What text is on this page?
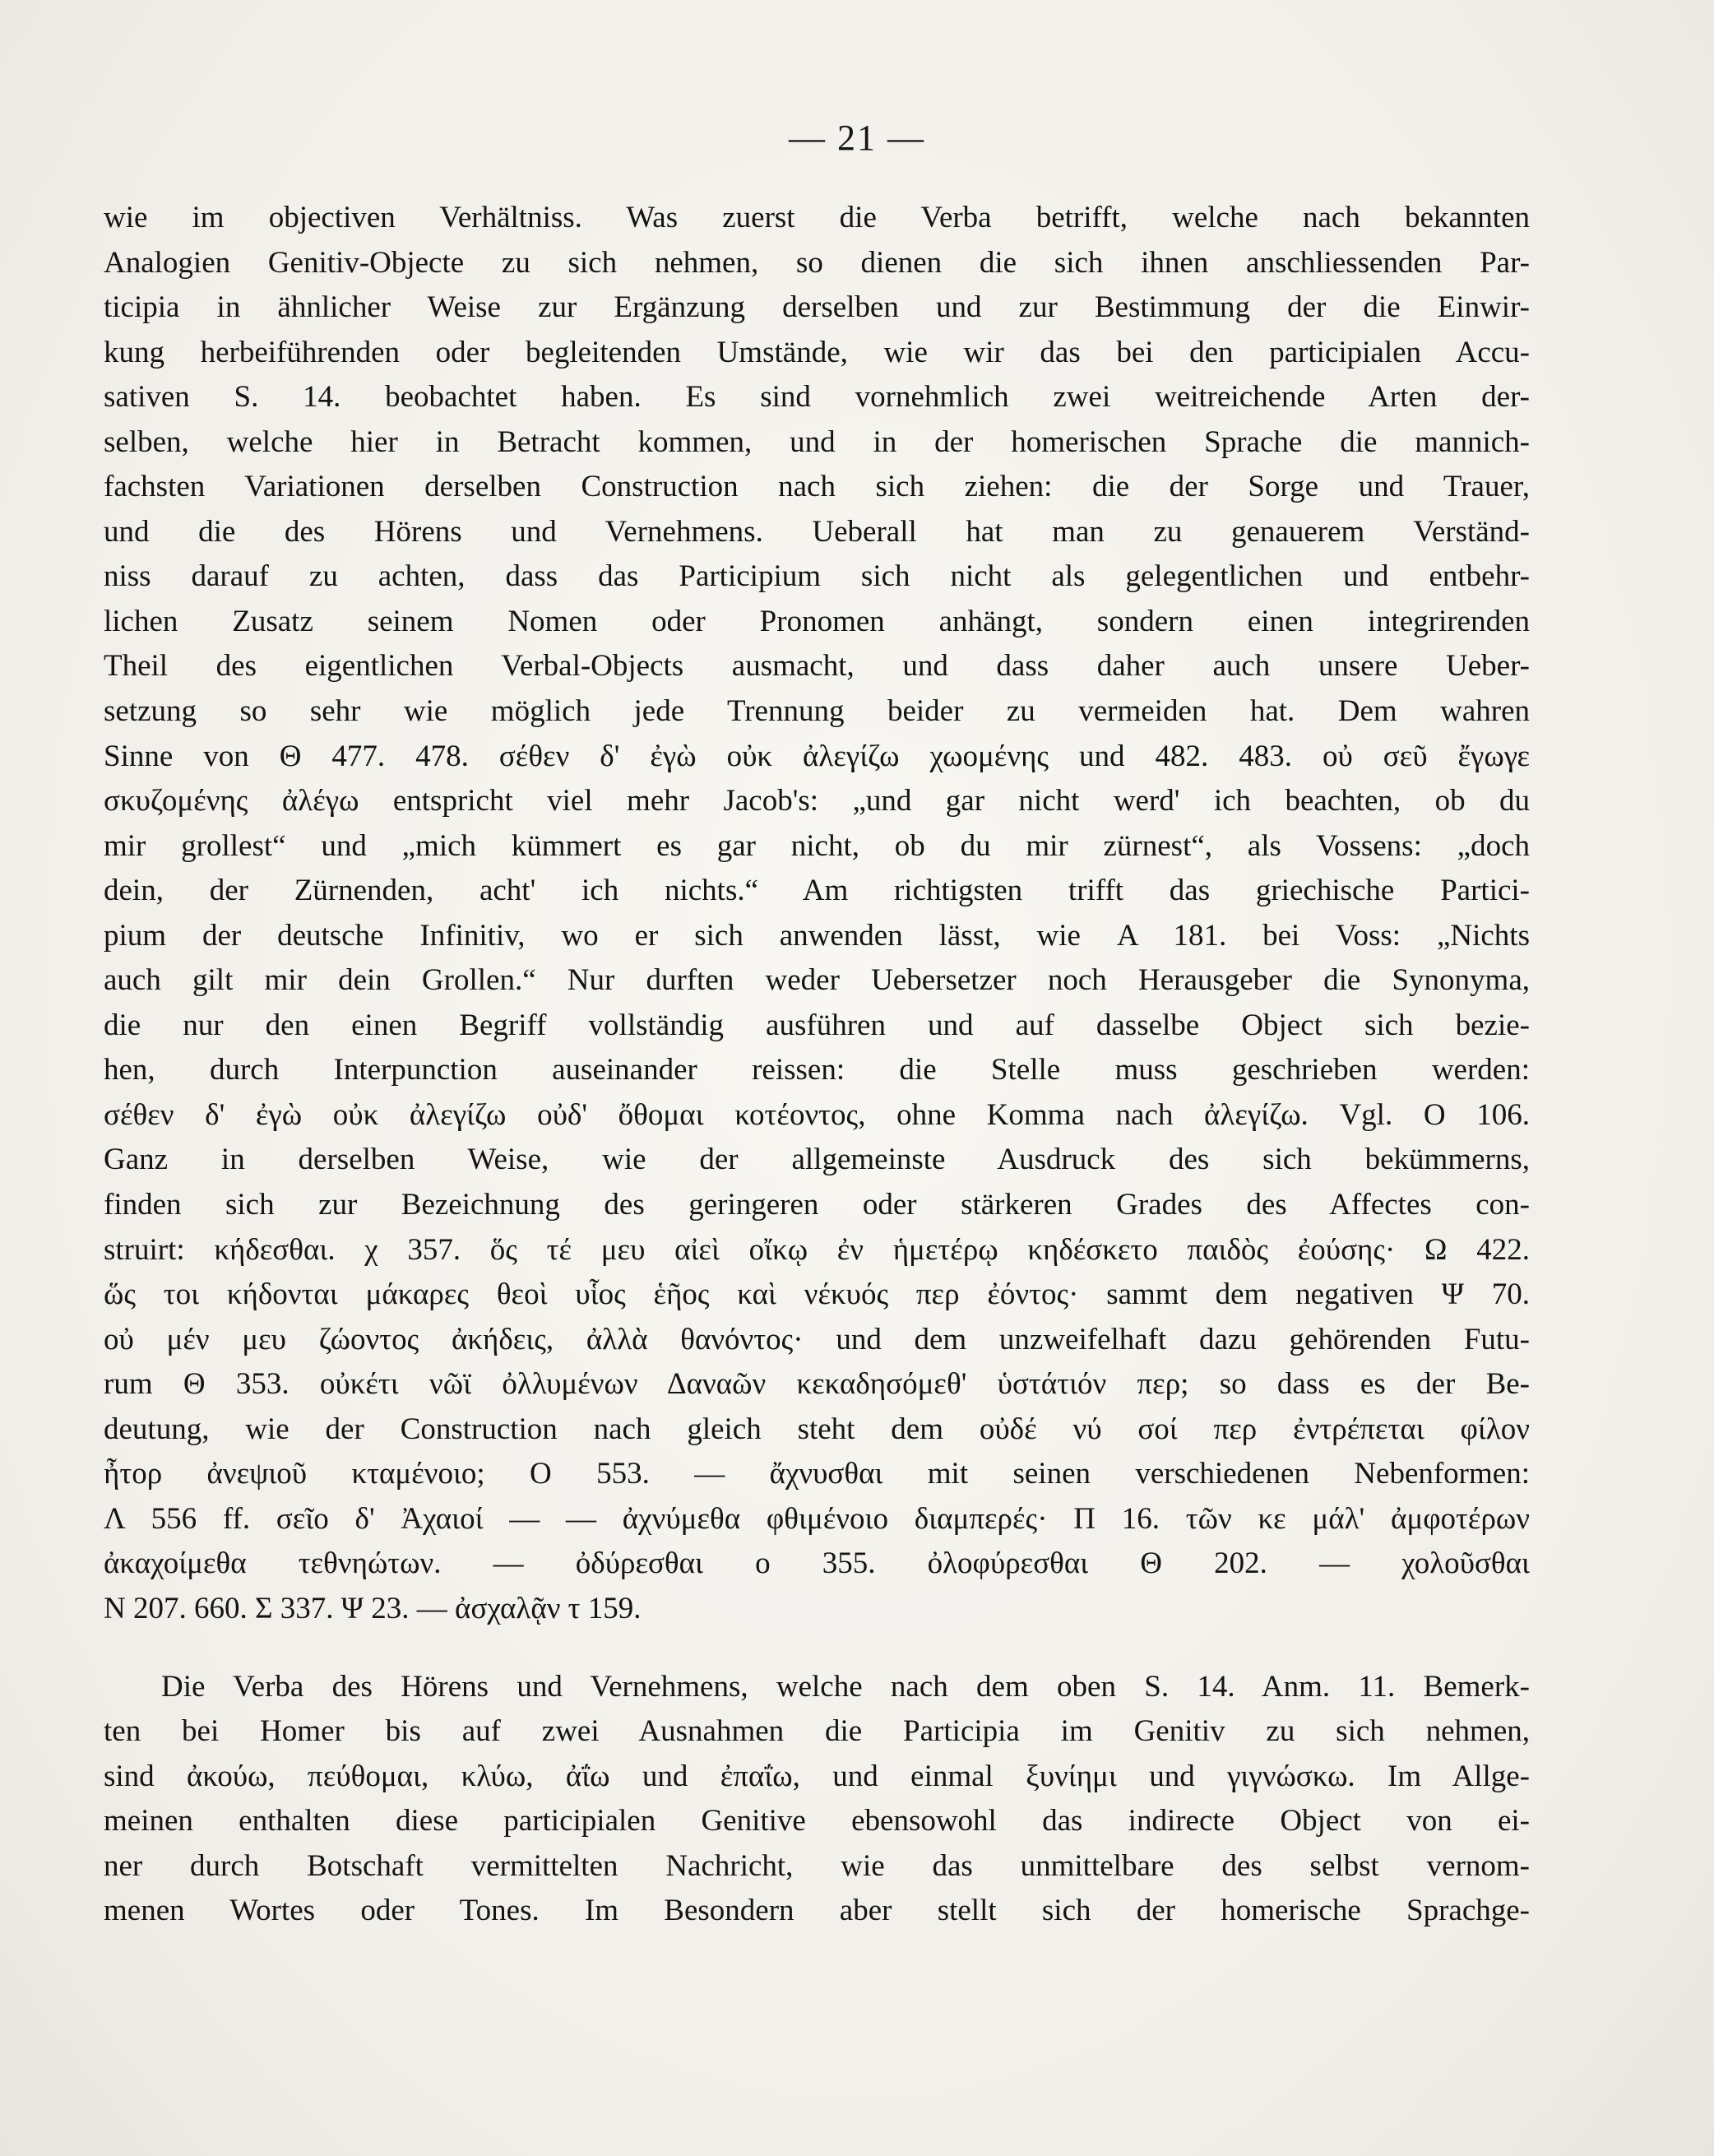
— 21 —
wie im objectiven Verhältniss. Was zuerst die Verba betrifft, welche nach bekannten
Analogien Genitiv-Objecte zu sich nehmen, so dienen die sich ihnen anschliessenden Par-
ticipia in ähnlicher Weise zur Ergänzung derselben und zur Bestimmung der die Einwir-
kung herbeiführenden oder begleitenden Umstände, wie wir das bei den participialen Accu-
sativen S. 14. beobachtet haben. Es sind vornehmlich zwei weitreichende Arten der-
selben, welche hier in Betracht kommen, und in der homerischen Sprache die mannich-
fachsten Variationen derselben Construction nach sich ziehen: die der Sorge und Trauer,
und die des Hörens und Vernehmens. Ueberall hat man zu genauerem Verständ-
niss darauf zu achten, dass das Participium sich nicht als gelegentlichen und entbehr-
lichen Zusatz seinem Nomen oder Pronomen anhängt, sondern einen integrirenden
Theil des eigentlichen Verbal-Objects ausmacht, und dass daher auch unsere Ueber-
setzung so sehr wie möglich jede Trennung beider zu vermeiden hat. Dem wahren
Sinne von Θ 477. 478. σέθεν δ' ἐγὼ οὐκ ἀλεγίζω χωομένης und 482. 483. οὐ σεῦ ἔγωγε
σκυζομένης ἀλέγω entspricht viel mehr Jacob's: „und gar nicht werd' ich beachten, ob du
mir grollest“ und „mich kümmert es gar nicht, ob du mir zürnest“, als Vossens: „doch
dein, der Zürnenden, acht' ich nichts.“ Am richtigsten trifft das griechische Partici-
pium der deutsche Infinitiv, wo er sich anwenden lässt, wie Α 181. bei Voss: „Nichts
auch gilt mir dein Grollen.“ Nur durften weder Uebersetzer noch Herausgeber die Synonyma,
die nur den einen Begriff vollständig ausführen und auf dasselbe Object sich bezie-
hen, durch Interpunction auseinander reissen: die Stelle muss geschrieben werden:
σέθεν δ' ἐγὼ οὐκ ἀλεγίζω οὐδ' ὄθομαι κοτέοντος, ohne Komma nach ἀλεγίζω. Vgl. Ο 106.
Ganz in derselben Weise, wie der allgemeinste Ausdruck des sich bekümmerns,
finden sich zur Bezeichnung des geringeren oder stärkeren Grades des Affectes con-
struirt: κήδεσθαι. χ 357. ὅς τέ μευ αἰεὶ οἴκῳ ἐν ἡμετέρῳ κηδέσκετο παιδὸς ἐούσης· Ω 422.
ὥς τοι κήδονται μάκαρες θεοὶ υἷος ἑῆος καὶ νέκυός περ ἐόντος· sammt dem negativen Ψ 70.
οὐ μέν μευ ζώοντος ἀκήδεις, ἀλλὰ θανόντος· und dem unzweifelhaft dazu gehörenden Futu-
rum Θ 353. οὐκέτι νῶϊ ὀλλυμένων Δαναῶν κεκαδησόμεθ' ὑστάτιόν περ; so dass es der Be-
deutung, wie der Construction nach gleich steht dem οὐδέ νύ σοί περ ἐντρέπεται φίλον
ἦτορ ἀνεψιοῦ κταμένοιο; Ο 553. — ἄχνυσθαι mit seinen verschiedenen Nebenformen:
Λ 556 ff. σεῖο δ' Ἀχαιοί — — ἀχνύμεθα φθιμένοιο διαμπερές· Π 16. τῶν κε μάλ' ἀμφοτέρων
ἀκαχοίμεθα τεθνηώτων. — ὀδύρεσθαι ο 355. ὀλοφύρεσθαι Θ 202. — χολοῦσθαι
Ν 207. 660. Σ 337. Ψ 23. — ἀσχαλᾷν τ 159.
Die Verba des Hörens und Vernehmens, welche nach dem oben S. 14. Anm. 11. Bemerk-
ten bei Homer bis auf zwei Ausnahmen die Participia im Genitiv zu sich nehmen,
sind ἀκούω, πεύθομαι, κλύω, ἀΐω und ἐπαΐω, und einmal ξυνίημι und γιγνώσκω. Im Allge-
meinen enthalten diese participialen Genitive ebensowohl das indirecte Object von ei-
ner durch Botschaft vermittelten Nachricht, wie das unmittelbare des selbst vernom-
menen Wortes oder Tones. Im Besondern aber stellt sich der homerische Sprachge-
